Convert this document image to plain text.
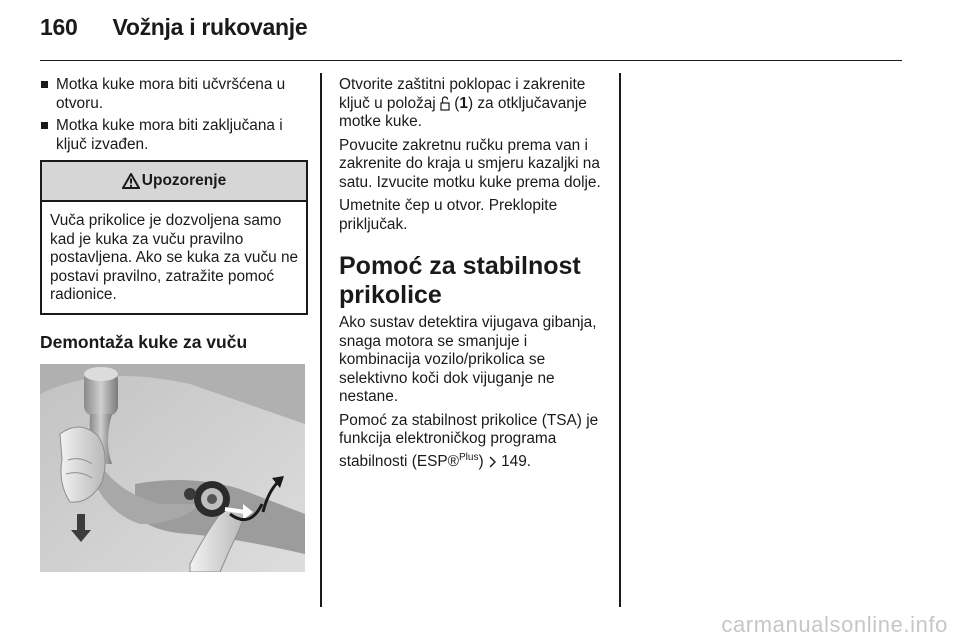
160 Vožnja i rukovanje
Motka kuke mora biti učvršćena u otvoru.
Motka kuke mora biti zaključana i ključ izvađen.
Upozorenje
Vuča prikolice je dozvoljena samo kad je kuka za vuču pravilno postavljena. Ako se kuka za vuču ne postavi pravilno, zatražite pomoć radionice.
Demontaža kuke za vuču

Otvorite zaštitni poklopac i zakrenite ključ u položaj  (1) za otključavanje motke kuke.

Povucite zakretnu ručku prema van i zakrenite do kraja u smjeru kazaljki na satu. Izvucite motku kuke prema dolje.

Umetnite čep u otvor. Preklopite priključak.

Pomoć za stabilnost prikolice

Ako sustav detektira vijugava gibanja, snaga motora se smanjuje i kombinacija vozilo/prikolica se selektivno koči dok vijuganje ne nestane.

Pomoć za stabilnost prikolice (TSA) je funkcija elektroničkog programa stabilnosti (ESP®$^{Plus}$)  149.

carmanualsonline.info
